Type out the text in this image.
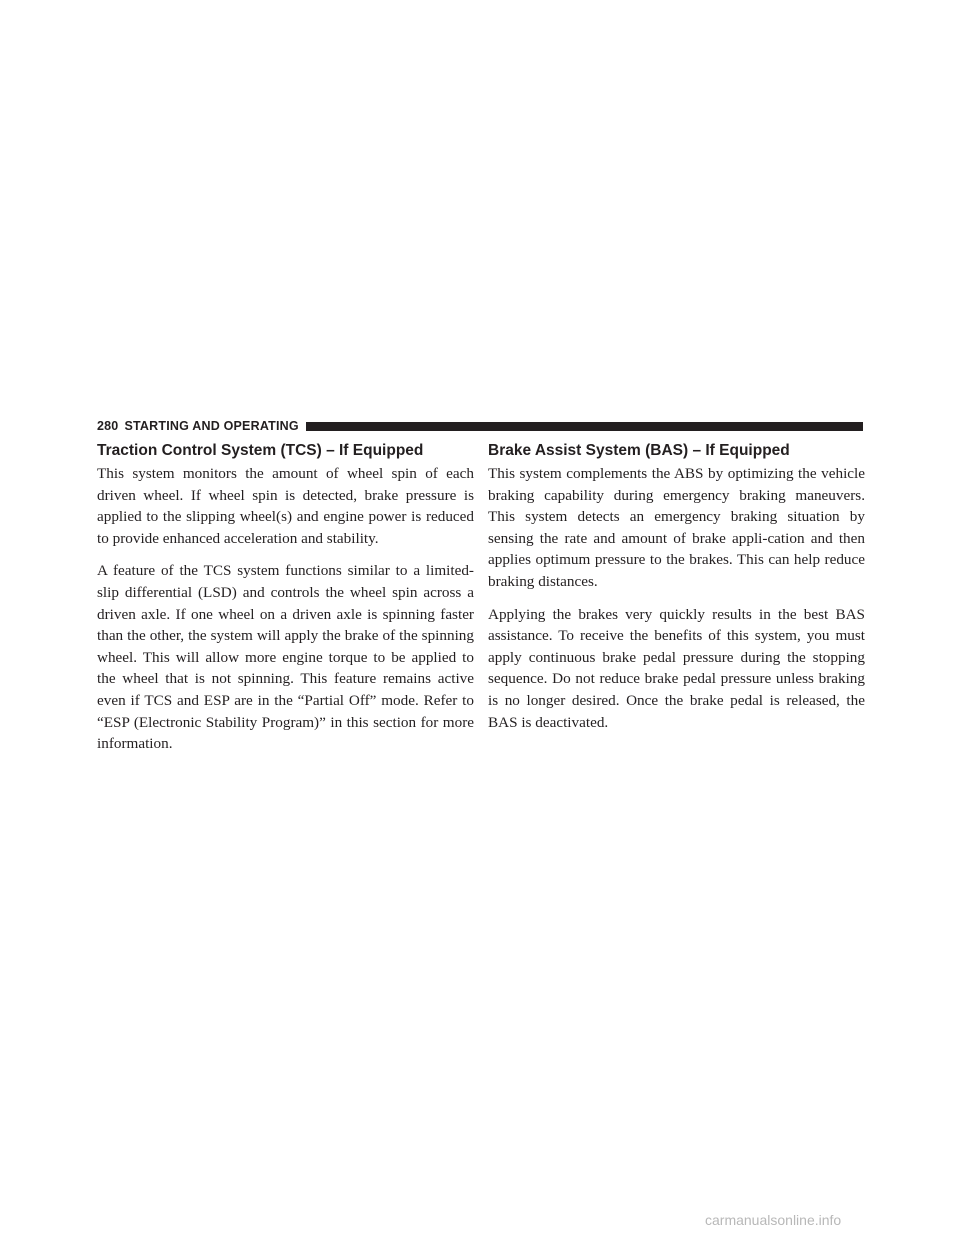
280 STARTING AND OPERATING
Traction Control System (TCS) – If Equipped

This system monitors the amount of wheel spin of each driven wheel. If wheel spin is detected, brake pressure is applied to the slipping wheel(s) and engine power is reduced to provide enhanced acceleration and stability.

A feature of the TCS system functions similar to a limited-slip differential (LSD) and controls the wheel spin across a driven axle. If one wheel on a driven axle is spinning faster than the other, the system will apply the brake of the spinning wheel. This will allow more engine torque to be applied to the wheel that is not spinning. This feature remains active even if TCS and ESP are in the “Partial Off” mode. Refer to “ESP (Electronic Stability Program)” in this section for more information.

Brake Assist System (BAS) – If Equipped

This system complements the ABS by optimizing the vehicle braking capability during emergency braking maneuvers. This system detects an emergency braking situation by sensing the rate and amount of brake appli-cation and then applies optimum pressure to the brakes. This can help reduce braking distances.

Applying the brakes very quickly results in the best BAS assistance. To receive the benefits of this system, you must apply continuous brake pedal pressure during the stopping sequence. Do not reduce brake pedal pressure unless braking is no longer desired. Once the brake pedal is released, the BAS is deactivated.

carmanualsonline.info
